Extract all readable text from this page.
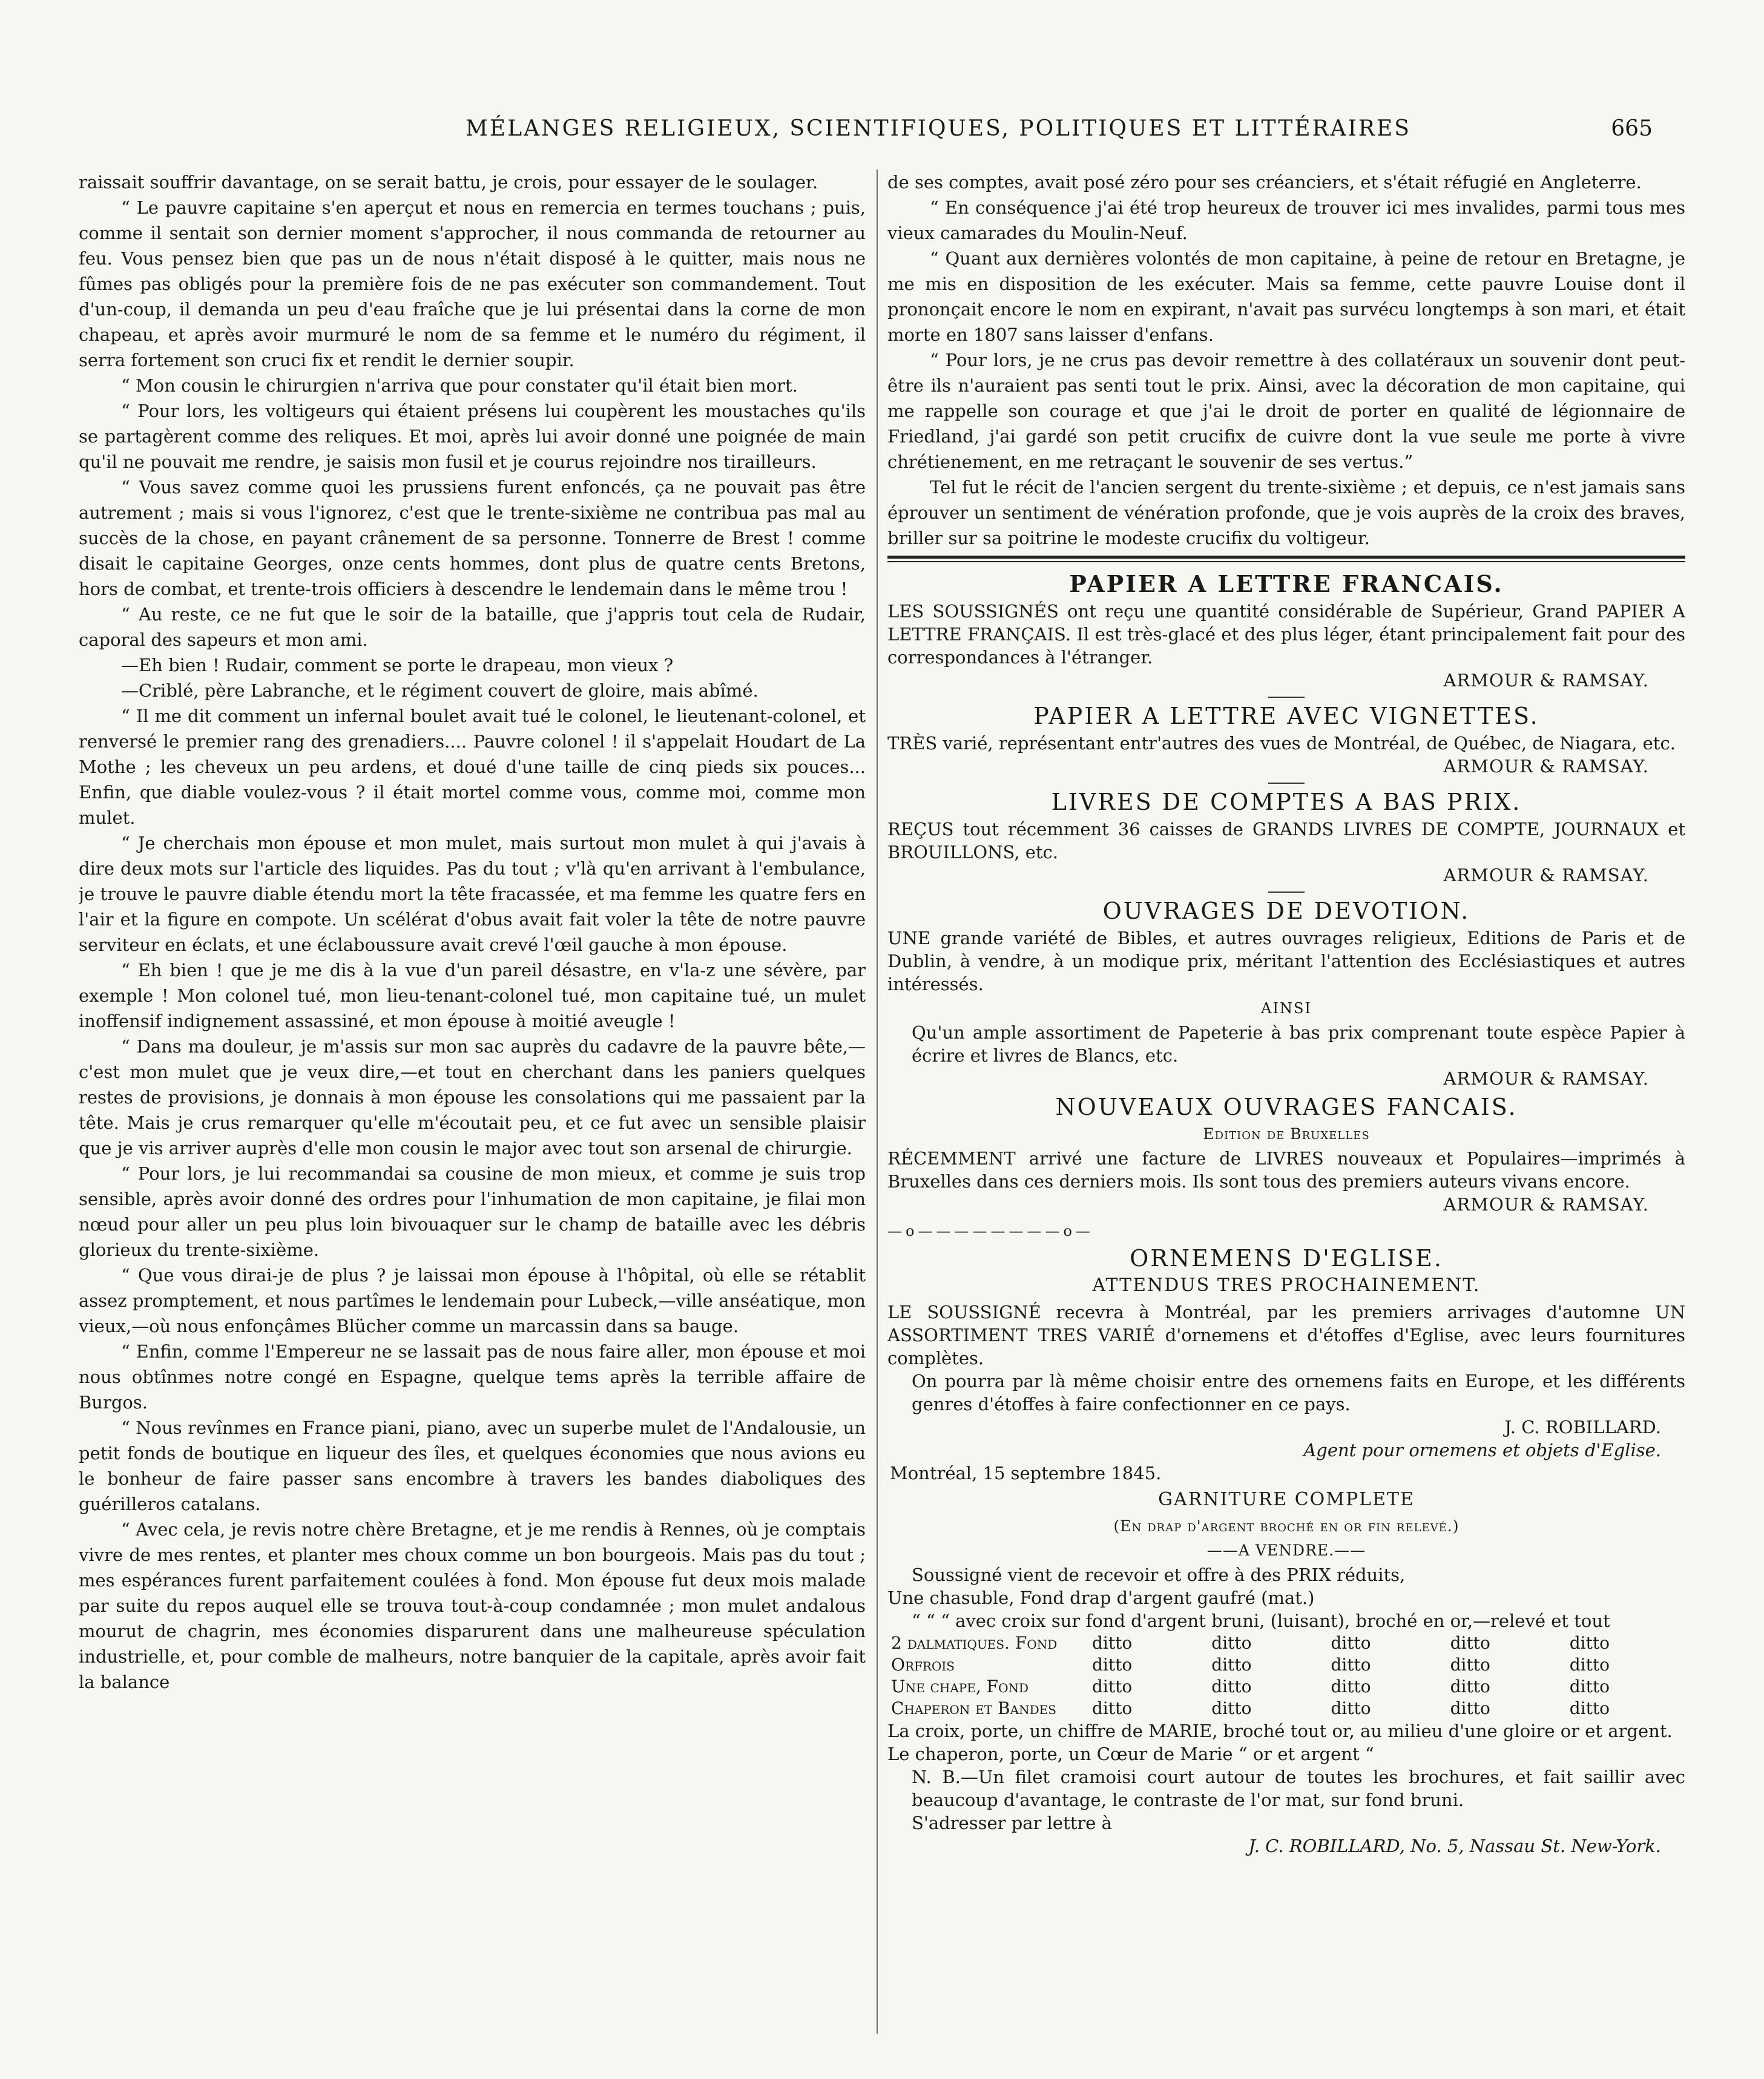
MÉLANGES RELIGIEUX, SCIENTIFIQUES, POLITIQUES ET LITTÉRAIRES	665

raissait souffrir davantage, on se serait battu, je crois, pour essayer de le soulager.

“ Le pauvre capitaine s'en aperçut et nous en remercia en termes touchans ; puis, comme il sentait son dernier moment s'approcher, il nous commanda de retourner au feu. Vous pensez bien que pas un de nous n'était disposé à le quitter, mais nous ne fûmes pas obligés pour la première fois de ne pas exécuter son commandement. Tout d'un-coup, il demanda un peu d'eau fraîche que je lui présentai dans la corne de mon chapeau, et après avoir murmuré le nom de sa femme et le numéro du régiment, il serra fortement son cruci fix et rendit le dernier soupir.

“ Mon cousin le chirurgien n'arriva que pour constater qu'il était bien mort.

“ Pour lors, les voltigeurs qui étaient présens lui coupèrent les moustaches qu'ils se partagèrent comme des reliques. Et moi, après lui avoir donné une poignée de main qu'il ne pouvait me rendre, je saisis mon fusil et je courus rejoindre nos tirailleurs.

“ Vous savez comme quoi les prussiens furent enfoncés, ça ne pouvait pas être autrement ; mais si vous l'ignorez, c'est que le trente-sixième ne contribua pas mal au succès de la chose, en payant crânement de sa personne. Tonnerre de Brest ! comme disait le capitaine Georges, onze cents hommes, dont plus de quatre cents Bretons, hors de combat, et trente-trois officiers à descendre le lendemain dans le même trou !

“ Au reste, ce ne fut que le soir de la bataille, que j'appris tout cela de Rudair, caporal des sapeurs et mon ami.

—Eh bien ! Rudair, comment se porte le drapeau, mon vieux ?

—Criblé, père Labranche, et le régiment couvert de gloire, mais abîmé.

“ Il me dit comment un infernal boulet avait tué le colonel, le lieutenant-colonel, et renversé le premier rang des grenadiers.... Pauvre colonel ! il s'appelait Houdart de La Mothe ; les cheveux un peu ardens, et doué d'une taille de cinq pieds six pouces... Enfin, que diable voulez-vous ? il était mortel comme vous, comme moi, comme mon mulet.

“ Je cherchais mon épouse et mon mulet, mais surtout mon mulet à qui j'avais à dire deux mots sur l'article des liquides. Pas du tout ; v'là qu'en arrivant à l'embulance, je trouve le pauvre diable étendu mort la tête fracassée, et ma femme les quatre fers en l'air et la figure en compote. Un scélérat d'obus avait fait voler la tête de notre pauvre serviteur en éclats, et une éclaboussure avait crevé l'œil gauche à mon épouse.

“ Eh bien ! que je me dis à la vue d'un pareil désastre, en v'la-z une sévère, par exemple ! Mon colonel tué, mon lieu-tenant-colonel tué, mon capitaine tué, un mulet inoffensif indignement assassiné, et mon épouse à moitié aveugle !

“ Dans ma douleur, je m'assis sur mon sac auprès du cadavre de la pauvre bête,—c'est mon mulet que je veux dire,—et tout en cherchant dans les paniers quelques restes de provisions, je donnais à mon épouse les consolations qui me passaient par la tête. Mais je crus remarquer qu'elle m'écoutait peu, et ce fut avec un sensible plaisir que je vis arriver auprès d'elle mon cousin le major avec tout son arsenal de chirurgie.

“ Pour lors, je lui recommandai sa cousine de mon mieux, et comme je suis trop sensible, après avoir donné des ordres pour l'inhumation de mon capitaine, je filai mon nœud pour aller un peu plus loin bivouaquer sur le champ de bataille avec les débris glorieux du trente-sixième.

“ Que vous dirai-je de plus ? je laissai mon épouse à l'hôpital, où elle se rétablit assez promptement, et nous partîmes le lendemain pour Lubeck,—ville anséatique, mon vieux,—où nous enfonçâmes Blücher comme un marcassin dans sa bauge.

“ Enfin, comme l'Empereur ne se lassait pas de nous faire aller, mon épouse et moi nous obtînmes notre congé en Espagne, quelque tems après la terrible affaire de Burgos.

“ Nous revînmes en France piani, piano, avec un superbe mulet de l'Andalousie, un petit fonds de boutique en liqueur des îles, et quelques économies que nous avions eu le bonheur de faire passer sans encombre à travers les bandes diaboliques des guérilleros catalans.

“ Avec cela, je revis notre chère Bretagne, et je me rendis à Rennes, où je comptais vivre de mes rentes, et planter mes choux comme un bon bourgeois. Mais pas du tout ; mes espérances furent parfaitement coulées à fond. Mon épouse fut deux mois malade par suite du repos auquel elle se trouva tout-à-coup condamnée ; mon mulet andalous mourut de chagrin, mes économies disparurent dans une malheureuse spéculation industrielle, et, pour comble de malheurs, notre banquier de la capitale, après avoir fait la balance

de ses comptes, avait posé zéro pour ses créanciers, et s'était réfugié en Angleterre.

“ En conséquence j'ai été trop heureux de trouver ici mes invalides, parmi tous mes vieux camarades du Moulin-Neuf.

“ Quant aux dernières volontés de mon capitaine, à peine de retour en Bretagne, je me mis en disposition de les exécuter. Mais sa femme, cette pauvre Louise dont il prononçait encore le nom en expirant, n'avait pas survécu longtemps à son mari, et était morte en 1807 sans laisser d'enfans.

“ Pour lors, je ne crus pas devoir remettre à des collatéraux un souvenir dont peut-être ils n'auraient pas senti tout le prix. Ainsi, avec la décoration de mon capitaine, qui me rappelle son courage et que j'ai le droit de porter en qualité de légionnaire de Friedland, j'ai gardé son petit crucifix de cuivre dont la vue seule me porte à vivre chrétienement, en me retraçant le souvenir de ses vertus.”

Tel fut le récit de l'ancien sergent du trente-sixième ; et depuis, ce n'est jamais sans éprouver un sentiment de vénération profonde, que je vois auprès de la croix des braves, briller sur sa poitrine le modeste crucifix du voltigeur.

PAPIER A LETTRE FRANCAIS.

LES SOUSSIGNÉS ont reçu une quantité considérable de Supérieur, Grand PAPIER A LETTRE FRANÇAIS. Il est très-glacé et des plus léger, étant principalement fait pour des correspondances à l'étranger.

ARMOUR & RAMSAY.

PAPIER A LETTRE AVEC VIGNETTES.

TRÈS varié, représentant entr'autres des vues de Montréal, de Québec, de Niagara, etc.

ARMOUR & RAMSAY.

LIVRES DE COMPTES A BAS PRIX.

REÇUS tout récemment 36 caisses de GRANDS LIVRES DE COMPTE, JOURNAUX et BROUILLONS, etc.

ARMOUR & RAMSAY.

OUVRAGES DE DEVOTION.

UNE grande variété de Bibles, et autres ouvrages religieux, Editions de Paris et de Dublin, à vendre, à un modique prix, méritant l'attention des Ecclésiastiques et autres intéressés.

AINSI

Qu'un ample assortiment de Papeterie à bas prix comprenant toute espèce Papier à écrire et livres de Blancs, etc.

ARMOUR & RAMSAY.

NOUVEAUX OUVRAGES FANCAIS.

Edition de Bruxelles

RÉCEMMENT arrivé une facture de LIVRES nouveaux et Populaires—imprimés à Bruxelles dans ces derniers mois. Ils sont tous des premiers auteurs vivans encore.

ARMOUR & RAMSAY.

—o————————o—

ORNEMENS D'EGLISE.
ATTENDUS TRES PROCHAINEMENT.

LE SOUSSIGNÉ recevra à Montréal, par les premiers arrivages d'automne UN ASSORTIMENT TRES VARIÉ d'ornemens et d'étoffes d'Eglise, avec leurs fournitures complètes.

On pourra par là même choisir entre des ornemens faits en Europe, et les différents genres d'étoffes à faire confectionner en ce pays.

J. C. ROBILLARD.

Agent pour ornemens et objets d'Eglise.

Montréal, 15 septembre 1845.

GARNITURE COMPLETE

(En drap d'argent broché en or fin relevé.)

——A VENDRE.——

Soussigné vient de recevoir et offre à des PRIX réduits,

Une chasuble, Fond drap d'argent gaufré (mat.)

“ “ “ avec croix sur fond d'argent bruni, (luisant), broché en or,—relevé et tout

2 dalmatiques. Fond	ditto	ditto	ditto	ditto	ditto
Orfrois	ditto	ditto	ditto	ditto	ditto
Une chape, Fond	ditto	ditto	ditto	ditto	ditto
Chaperon et Bandes	ditto	ditto	ditto	ditto	ditto

La croix, porte, un chiffre de MARIE, broché tout or, au milieu d'une gloire or et argent.

Le chaperon, porte, un Cœur de Marie “ or et argent “

N. B.—Un filet cramoisi court autour de toutes les brochures, et fait saillir avec beaucoup d'avantage, le contraste de l'or mat, sur fond bruni.

S'adresser par lettre à

J. C. ROBILLARD, No. 5, Nassau St. New-York.
